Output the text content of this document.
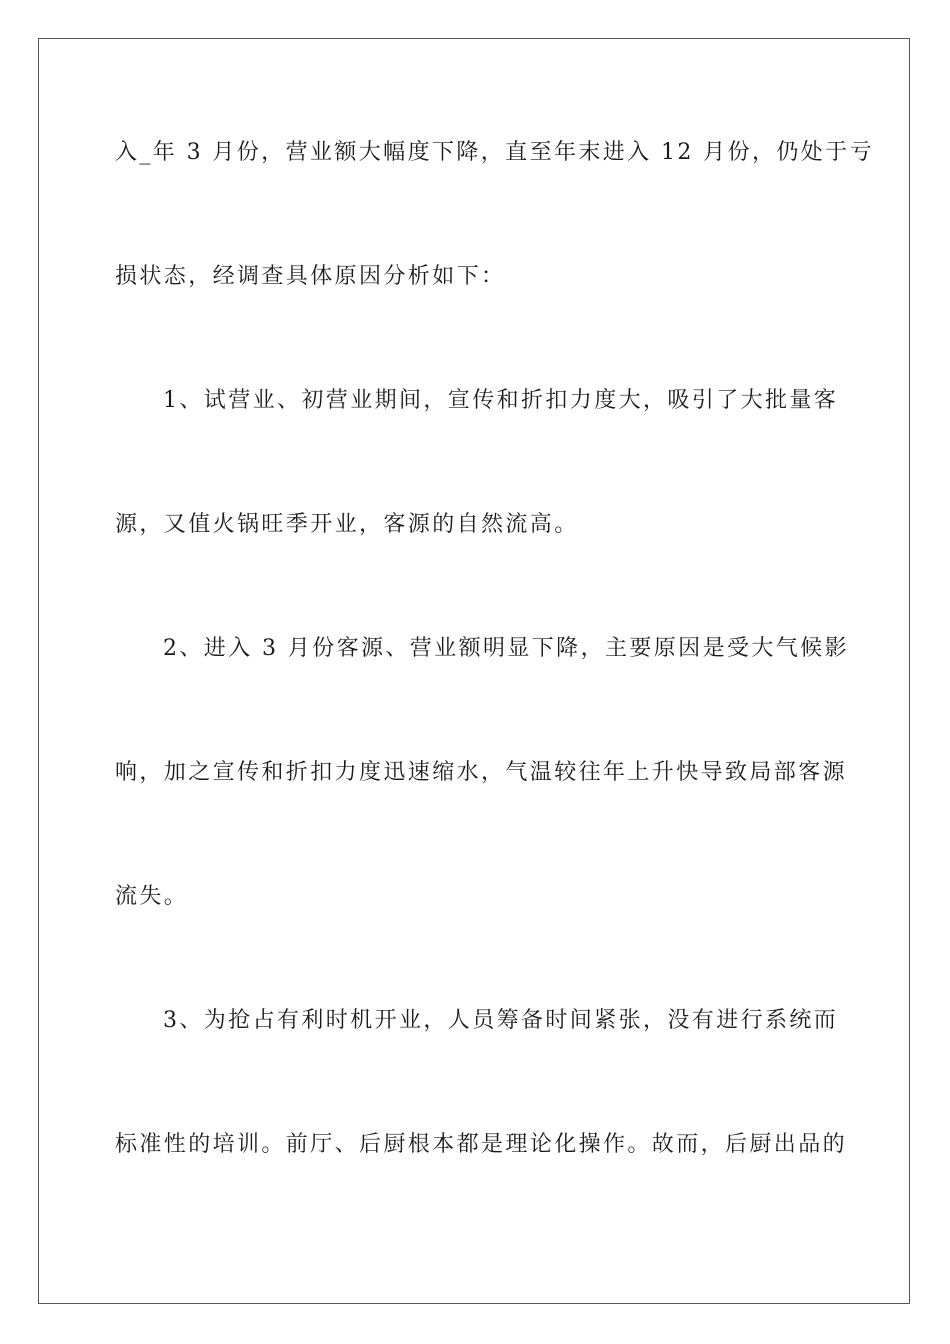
入_年 3 月份，营业额大幅度下降，直至年末进入 12 月份，仍处于亏
损状态，经调查具体原因分析如下：
1、试营业、初营业期间，宣传和折扣力度大，吸引了大批量客
源，又值火锅旺季开业，客源的自然流高。
2、进入 3 月份客源、营业额明显下降，主要原因是受大气候影
响，加之宣传和折扣力度迅速缩水，气温较往年上升快导致局部客源
流失。
3、为抢占有利时机开业，人员筹备时间紧张，没有进行系统而
标准性的培训。前厅、后厨根本都是理论化操作。故而，后厨出品的
